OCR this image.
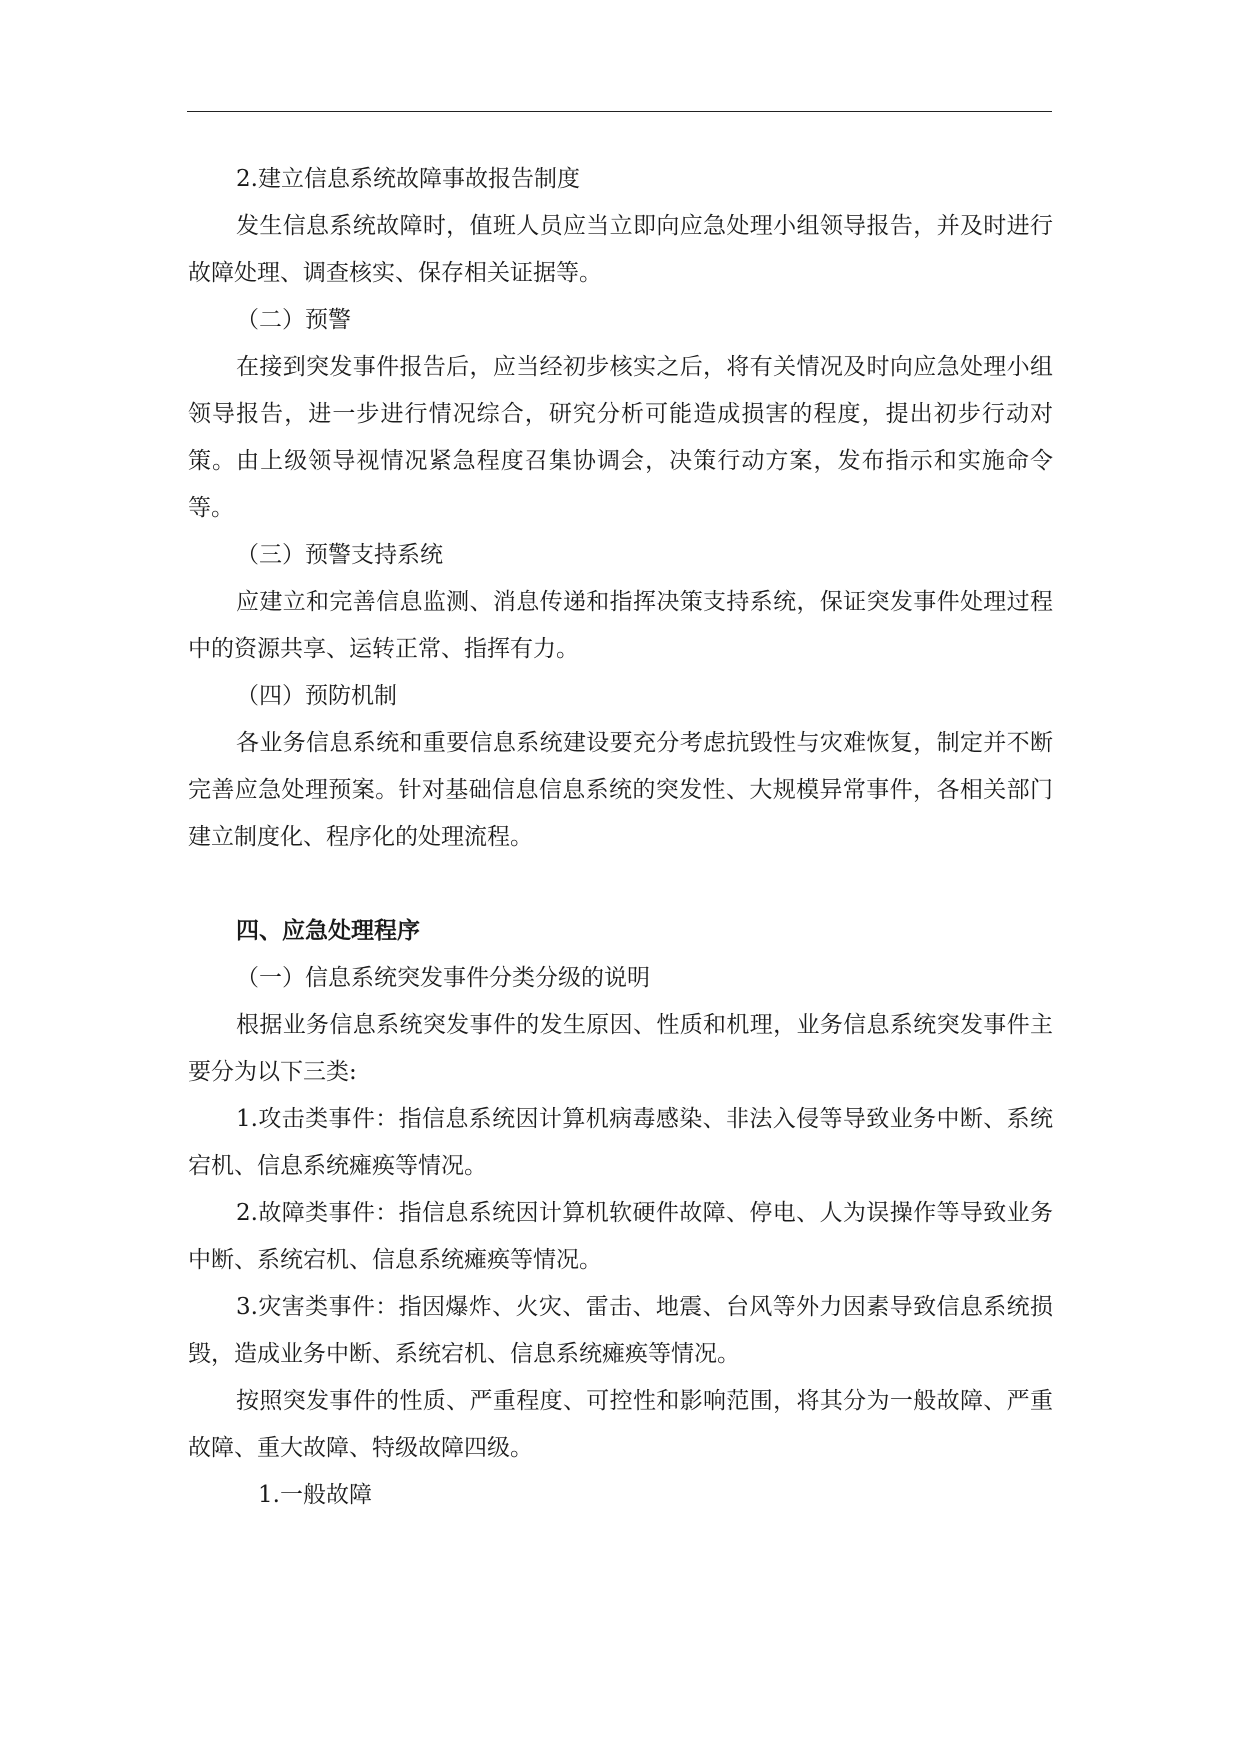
2.建立信息系统故障事故报告制度

发生信息系统故障时，值班人员应当立即向应急处理小组领导报告，并及时进行故障处理、调查核实、保存相关证据等。

（二）预警

在接到突发事件报告后，应当经初步核实之后，将有关情况及时向应急处理小组领导报告，进一步进行情况综合，研究分析可能造成损害的程度，提出初步行动对策。由上级领导视情况紧急程度召集协调会，决策行动方案，发布指示和实施命令等。

（三）预警支持系统

应建立和完善信息监测、消息传递和指挥决策支持系统，保证突发事件处理过程中的资源共享、运转正常、指挥有力。

（四）预防机制

各业务信息系统和重要信息系统建设要充分考虑抗毁性与灾难恢复，制定并不断完善应急处理预案。针对基础信息信息系统的突发性、大规模异常事件，各相关部门建立制度化、程序化的处理流程。

四、应急处理程序

（一）信息系统突发事件分类分级的说明

根据业务信息系统突发事件的发生原因、性质和机理，业务信息系统突发事件主要分为以下三类:

1.攻击类事件：指信息系统因计算机病毒感染、非法入侵等导致业务中断、系统宕机、信息系统瘫痪等情况。

2.故障类事件：指信息系统因计算机软硬件故障、停电、人为误操作等导致业务中断、系统宕机、信息系统瘫痪等情况。

3.灾害类事件：指因爆炸、火灾、雷击、地震、台风等外力因素导致信息系统损毁，造成业务中断、系统宕机、信息系统瘫痪等情况。

按照突发事件的性质、严重程度、可控性和影响范围，将其分为一般故障、严重故障、重大故障、特级故障四级。

1.一般故障
